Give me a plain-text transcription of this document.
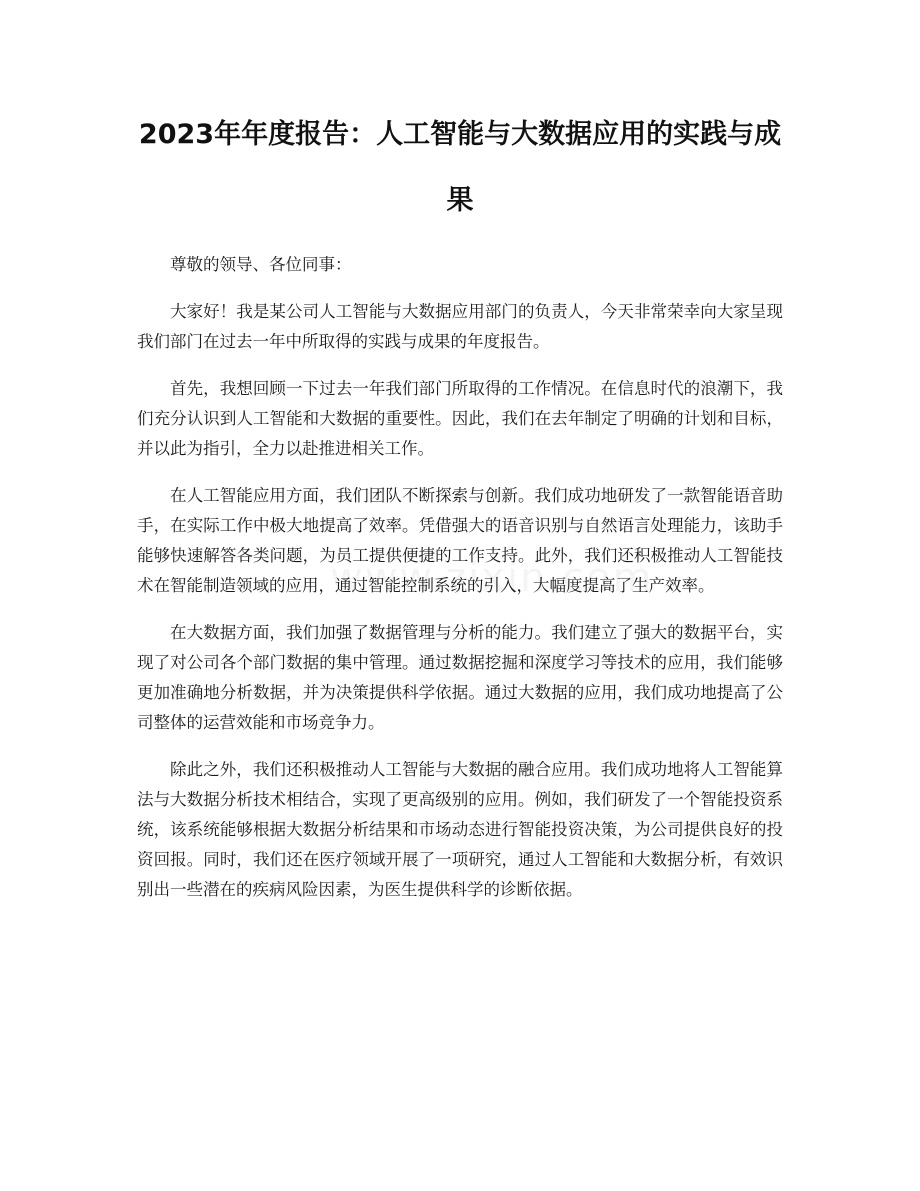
2023年年度报告：人工智能与大数据应用的实践与成果

尊敬的领导、各位同事：

大家好！我是某公司人工智能与大数据应用部门的负责人，今天非常荣幸向大家呈现我们部门在过去一年中所取得的实践与成果的年度报告。

首先，我想回顾一下过去一年我们部门所取得的工作情况。在信息时代的浪潮下，我们充分认识到人工智能和大数据的重要性。因此，我们在去年制定了明确的计划和目标，并以此为指引，全力以赴推进相关工作。

在人工智能应用方面，我们团队不断探索与创新。我们成功地研发了一款智能语音助手，在实际工作中极大地提高了效率。凭借强大的语音识别与自然语言处理能力，该助手能够快速解答各类问题，为员工提供便捷的工作支持。此外，我们还积极推动人工智能技术在智能制造领域的应用，通过智能控制系统的引入，大幅度提高了生产效率。

在大数据方面，我们加强了数据管理与分析的能力。我们建立了强大的数据平台，实现了对公司各个部门数据的集中管理。通过数据挖掘和深度学习等技术的应用，我们能够更加准确地分析数据，并为决策提供科学依据。通过大数据的应用，我们成功地提高了公司整体的运营效能和市场竞争力。

除此之外，我们还积极推动人工智能与大数据的融合应用。我们成功地将人工智能算法与大数据分析技术相结合，实现了更高级别的应用。例如，我们研发了一个智能投资系统，该系统能够根据大数据分析结果和市场动态进行智能投资决策，为公司提供良好的投资回报。同时，我们还在医疗领域开展了一项研究，通过人工智能和大数据分析，有效识别出一些潜在的疾病风险因素，为医生提供科学的诊断依据。
